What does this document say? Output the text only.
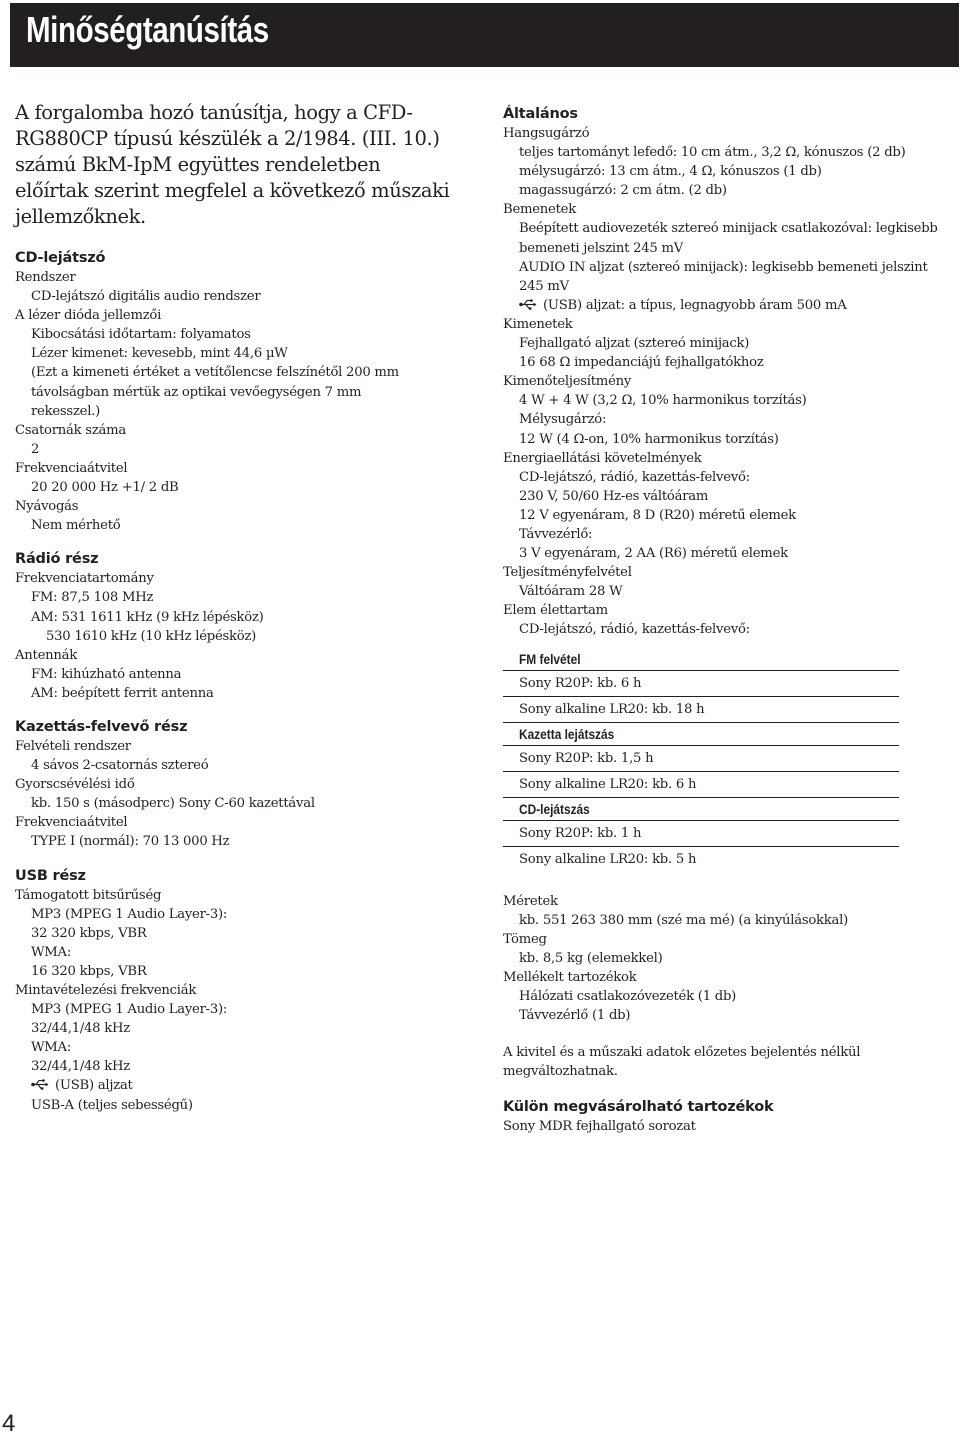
Minőségtanúsítás
A forgalomba hozó tanúsítja, hogy a CFD-RG880CP típusú készülék a 2/1984. (III. 10.) számú BkM-IpM együttes rendeletben előírtak szerint megfelel a következő műszaki jellemzőknek.
CD-lejátszó
Rendszer
CD-lejátszó digitális audio rendszer
A lézer dióda jellemzői
Kibocsátási időtartam: folyamatos
Lézer kimenet: kevesebb, mint 44,6 µW
(Ezt a kimeneti értéket a vetítőlencse felszínétől 200 mm távolságban mértük az optikai vevőegységen 7 mm rekesszel.)
Csatornák száma
2
Frekvenciaátvitel
20 20 000 Hz +1/ 2 dB
Nyávogás
Nem mérhető
Rádió rész
Frekvenciatartomány
FM: 87,5 108 MHz
AM: 531 1611 kHz (9 kHz lépésköz)
530 1610 kHz (10 kHz lépésköz)
Antennák
FM: kihúzható antenna
AM: beépített ferrit antenna
Kazettás-felvevő rész
Felvételi rendszer
4 sávos 2-csatornás sztereó
Gyorscsévélési idő
kb. 150 s (másodperc) Sony C-60 kazettával
Frekvenciaátvitel
TYPE I (normál): 70 13 000 Hz
USB rész
Támogatott bitsűrűség
MP3 (MPEG 1 Audio Layer-3):
32 320 kbps, VBR
WMA:
16 320 kbps, VBR
Mintavételezési frekvenciák
MP3 (MPEG 1 Audio Layer-3):
32/44,1/48 kHz
WMA:
32/44,1/48 kHz
(USB) aljzat
USB-A (teljes sebességű)
Általános
Hangsugárzó
teljes tartományt lefedő: 10 cm átm., 3,2 Ω, kónuszos (2 db)
mélysugárzó: 13 cm átm., 4 Ω, kónuszos (1 db)
magassugárzó: 2 cm átm. (2 db)
Bemenetek
Beépített audiovezeték sztereó minijack csatlakozóval: legkisebb bemeneti jelszint 245 mV
AUDIO IN aljzat (sztereó minijack): legkisebb bemeneti jelszint 245 mV
(USB) aljzat: a típus, legnagyobb áram 500 mA
Kimenetek
Fejhallgató aljzat (sztereó minijack)
16 68 Ω impedanciájú fejhallgatókhoz
Kimenőteljesítmény
4 W + 4 W (3,2 Ω, 10% harmonikus torzítás)
Mélysugárzó:
12 W (4 Ω-on, 10% harmonikus torzítás)
Energiaellátási követelmények
CD-lejátszó, rádió, kazettás-felvevő:
230 V, 50/60 Hz-es váltóáram
12 V egyenáram, 8 D (R20) méretű elemek
Távvezérlő:
3 V egyenáram, 2 AA (R6) méretű elemek
Teljesítményfelvétel
Váltóáram 28 W
Elem élettartam
CD-lejátszó, rádió, kazettás-felvevő:
FM felvétel
Sony R20P: kb. 6 h
Sony alkaline LR20: kb. 18 h
Kazetta lejátszás
Sony R20P: kb. 1,5 h
Sony alkaline LR20: kb. 6 h
CD-lejátszás
Sony R20P: kb. 1 h
Sony alkaline LR20: kb. 5 h
Méretek
kb. 551 263 380 mm (szé ma mé) (a kinyúlásokkal)
Tömeg
kb. 8,5 kg (elemekkel)
Mellékelt tartozékok
Hálózati csatlakozóvezeték (1 db)
Távvezérlő (1 db)
A kivitel és a műszaki adatok előzetes bejelentés nélkül megváltozhatnak.
Külön megvásárolható tartozékok
Sony MDR fejhallgató sorozat
4
